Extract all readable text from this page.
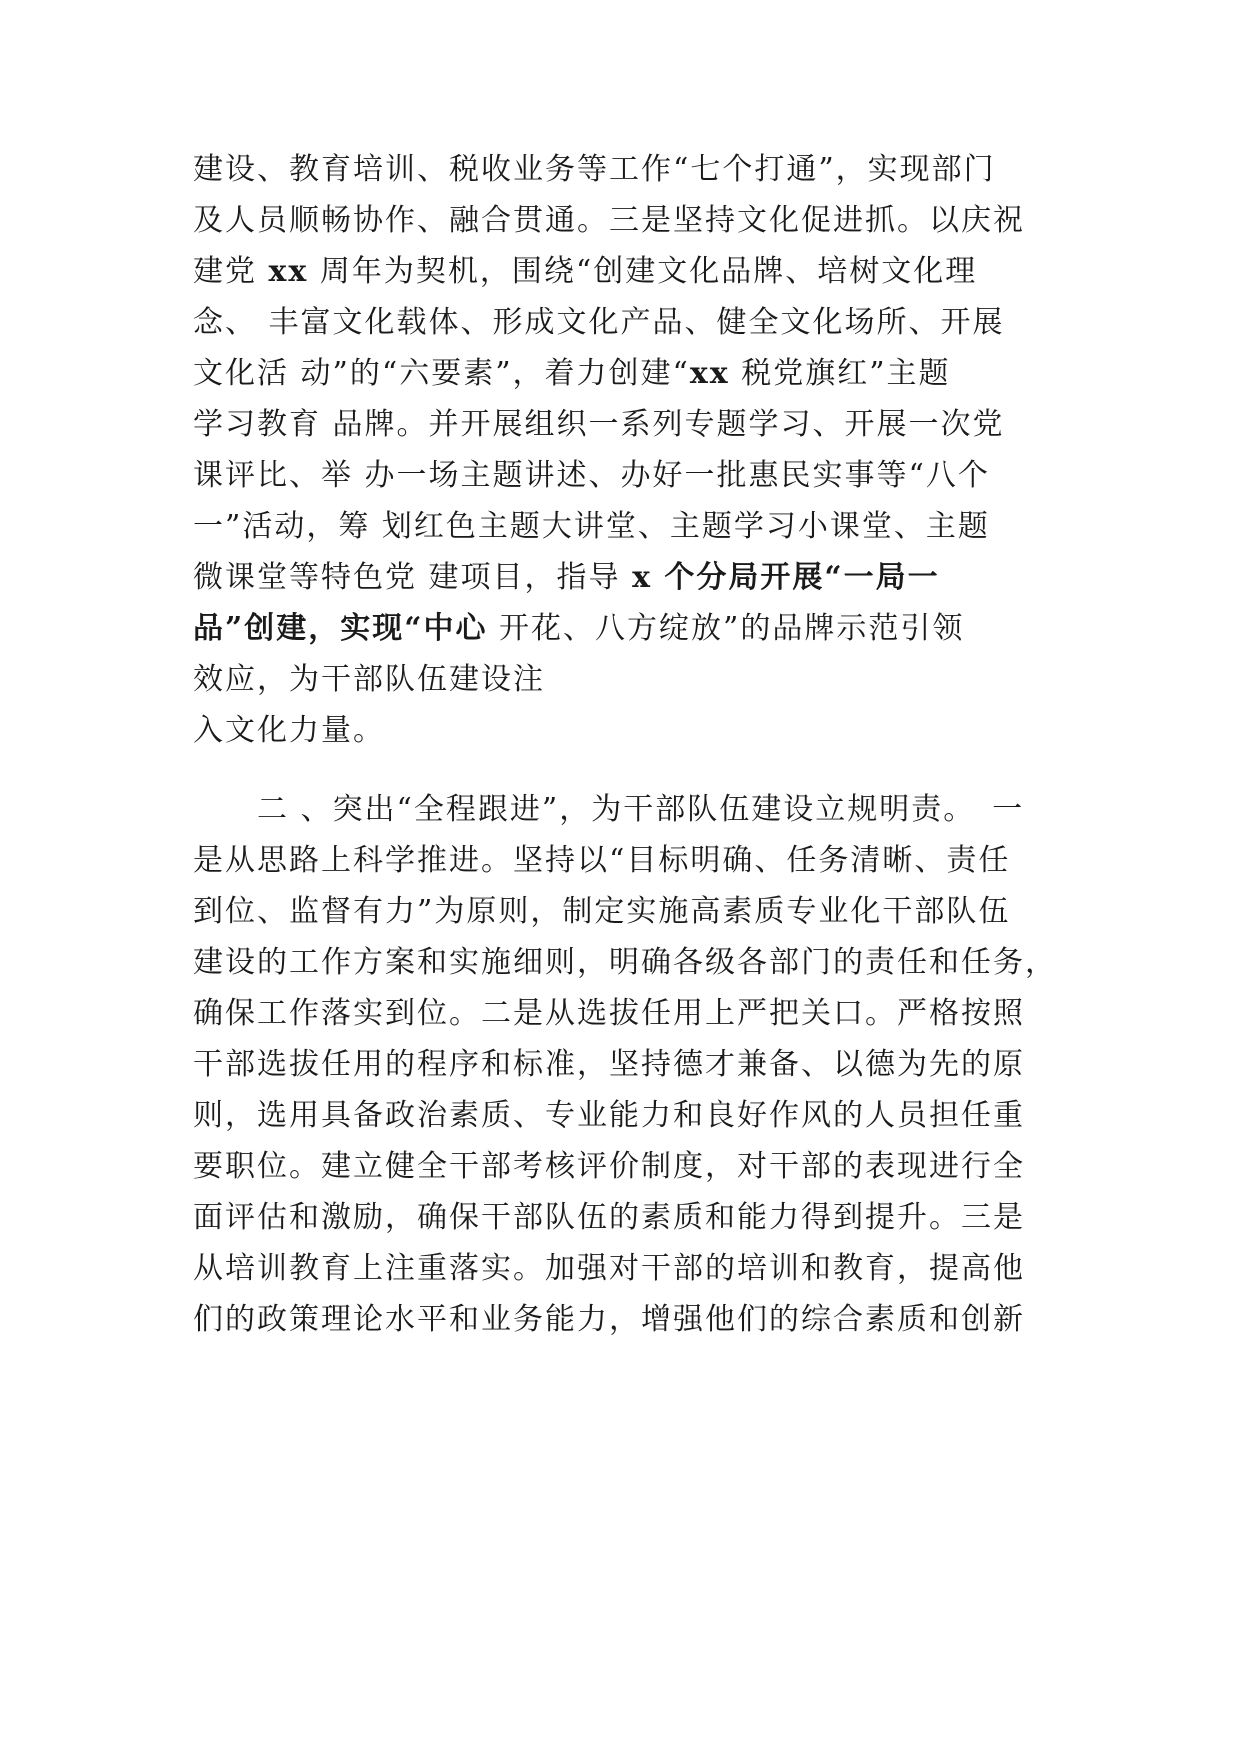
建设、教育培训、税收业务等工作“七个打通”，实现部门
及人员顺畅协作、融合贯通。三是坚持文化促进抓。以庆祝
建党 xx 周年为契机，围绕“创建文化品牌、培树文化理
念、 丰富文化载体、形成文化产品、健全文化场所、开展
文化活 动”的“六要素”，着力创建“xx 税党旗红”主题
学习教育 品牌。并开展组织一系列专题学习、开展一次党
课评比、举 办一场主题讲述、办好一批惠民实事等“八个
一”活动，筹 划红色主题大讲堂、主题学习小课堂、主题
微课堂等特色党 建项目，指导 x 个分局开展“一局一
品”创建，实现“中心 开花、八方绽放”的品牌示范引领
效应，为干部队伍建设注
入文化力量。
　　二 、突出“全程跟进”，为干部队伍建设立规明责。　一
是从思路上科学推进。坚持以“目标明确、任务清晰、责任
到位、监督有力”为原则，制定实施高素质专业化干部队伍
建设的工作方案和实施细则，明确各级各部门的责任和任务，
确保工作落实到位。二是从选拔任用上严把关口。严格按照
干部选拔任用的程序和标准，坚持德才兼备、以德为先的原
则，选用具备政治素质、专业能力和良好作风的人员担任重
要职位。建立健全干部考核评价制度，对干部的表现进行全
面评估和激励，确保干部队伍的素质和能力得到提升。三是
从培训教育上注重落实。加强对干部的培训和教育，提高他
们的政策理论水平和业务能力，增强他们的综合素质和创新
